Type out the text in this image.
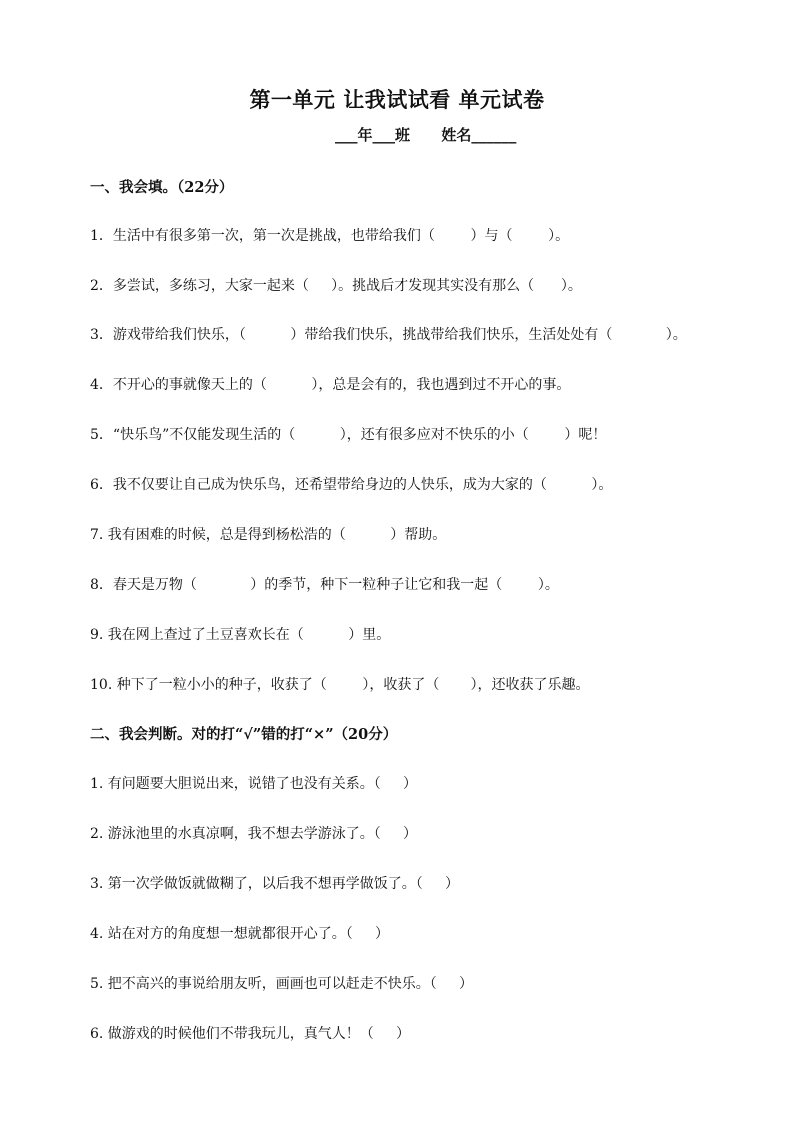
第一单元 让我试试看 单元试卷
___年___班      姓名______
一、我会填。（22分）
1．生活中有很多第一次，第一次是挑战，也带给我们（        ）与（        ）。
2．多尝试，多练习，大家一起来（     ）。挑战后才发现其实没有那么（      ）。
3．游戏带给我们快乐，（          ）带给我们快乐，挑战带给我们快乐，生活处处有（            ）。
4．不开心的事就像天上的（          ），总是会有的，我也遇到过不开心的事。
5．“快乐鸟”不仅能发现生活的（          ），还有很多应对不快乐的小（        ）呢！
6．我不仅要让自己成为快乐鸟，还希望带给身边的人快乐，成为大家的（          ）。
7. 我有困难的时候，总是得到杨松浩的（          ）帮助。
8．春天是万物（            ）的季节，种下一粒种子让它和我一起（        ）。
9. 我在网上查过了土豆喜欢长在（          ）里。
10. 种下了一粒小小的种子，收获了（        ），收获了（       ），还收获了乐趣。
二、我会判断。对的打“√”错的打“×”（20分）
1. 有问题要大胆说出来，说错了也没有关系。（     ）
2. 游泳池里的水真凉啊，我不想去学游泳了。（     ）
3. 第一次学做饭就做糊了，以后我不想再学做饭了。（     ）
4. 站在对方的角度想一想就都很开心了。（     ）
5. 把不高兴的事说给朋友听，画画也可以赶走不快乐。（     ）
6. 做游戏的时候他们不带我玩儿，真气人！（     ）
